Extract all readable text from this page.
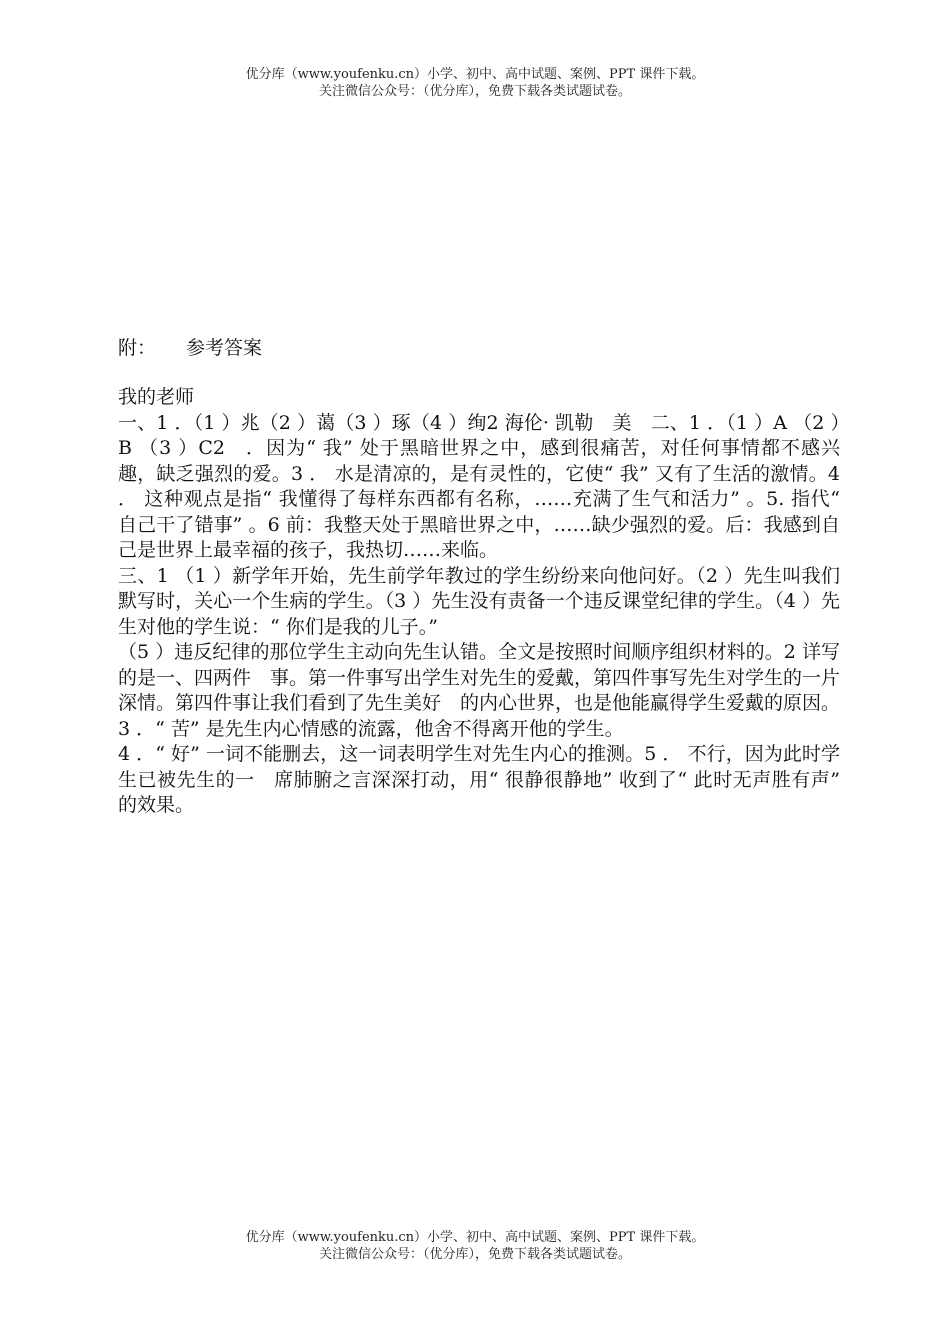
优分库（www.youfenku.cn）小学、初中、高中试题、案例、PPT 课件下载。
关注微信公众号：（优分库），免费下载各类试题试卷。
附： 参考答案

我的老师

一、1 ．（1 ）兆（2 ）蔼（3 ）琢（4 ）绚2 海伦· 凯勒　美　二、1 ．（1 ）A （2 ）B （3 ）C2　．因为“ 我” 处于黑暗世界之中，感到很痛苦，对任何事情都不感兴趣，缺乏强烈的爱。3 ． 水是清凉的，是有灵性的，它使“ 我” 又有了生活的激情。4 ． 这种观点是指“ 我懂得了每样东西都有名称，……充满了生气和活力” 。5. 指代“ 自己干了错事” 。6 前：我整天处于黑暗世界之中，……缺少强烈的爱。后：我感到自己是世界上最幸福的孩子，我热切……来临。

三、1 （1 ）新学年开始，先生前学年教过的学生纷纷来向他问好。（2 ）先生叫我们默写时，关心一个生病的学生。（3 ）先生没有责备一个违反课堂纪律的学生。（4 ）先生对他的学生说：“ 你们是我的儿子。”

（5 ）违反纪律的那位学生主动向先生认错。全文是按照时间顺序组织材料的。2 详写的是一、四两件　事。第一件事写出学生对先生的爱戴，第四件事写先生对学生的一片深情。第四件事让我们看到了先生美好　的内心世界，也是他能赢得学生爱戴的原因。3 ．“ 苦” 是先生内心情感的流露，他舍不得离开他的学生。

4 ．“ 好” 一词不能删去，这一词表明学生对先生内心的推测。5 ． 不行，因为此时学生已被先生的一　席肺腑之言深深打动，用“ 很静很静地” 收到了“ 此时无声胜有声” 的效果。

优分库（www.youfenku.cn）小学、初中、高中试题、案例、PPT 课件下载。
关注微信公众号：（优分库），免费下载各类试题试卷。
